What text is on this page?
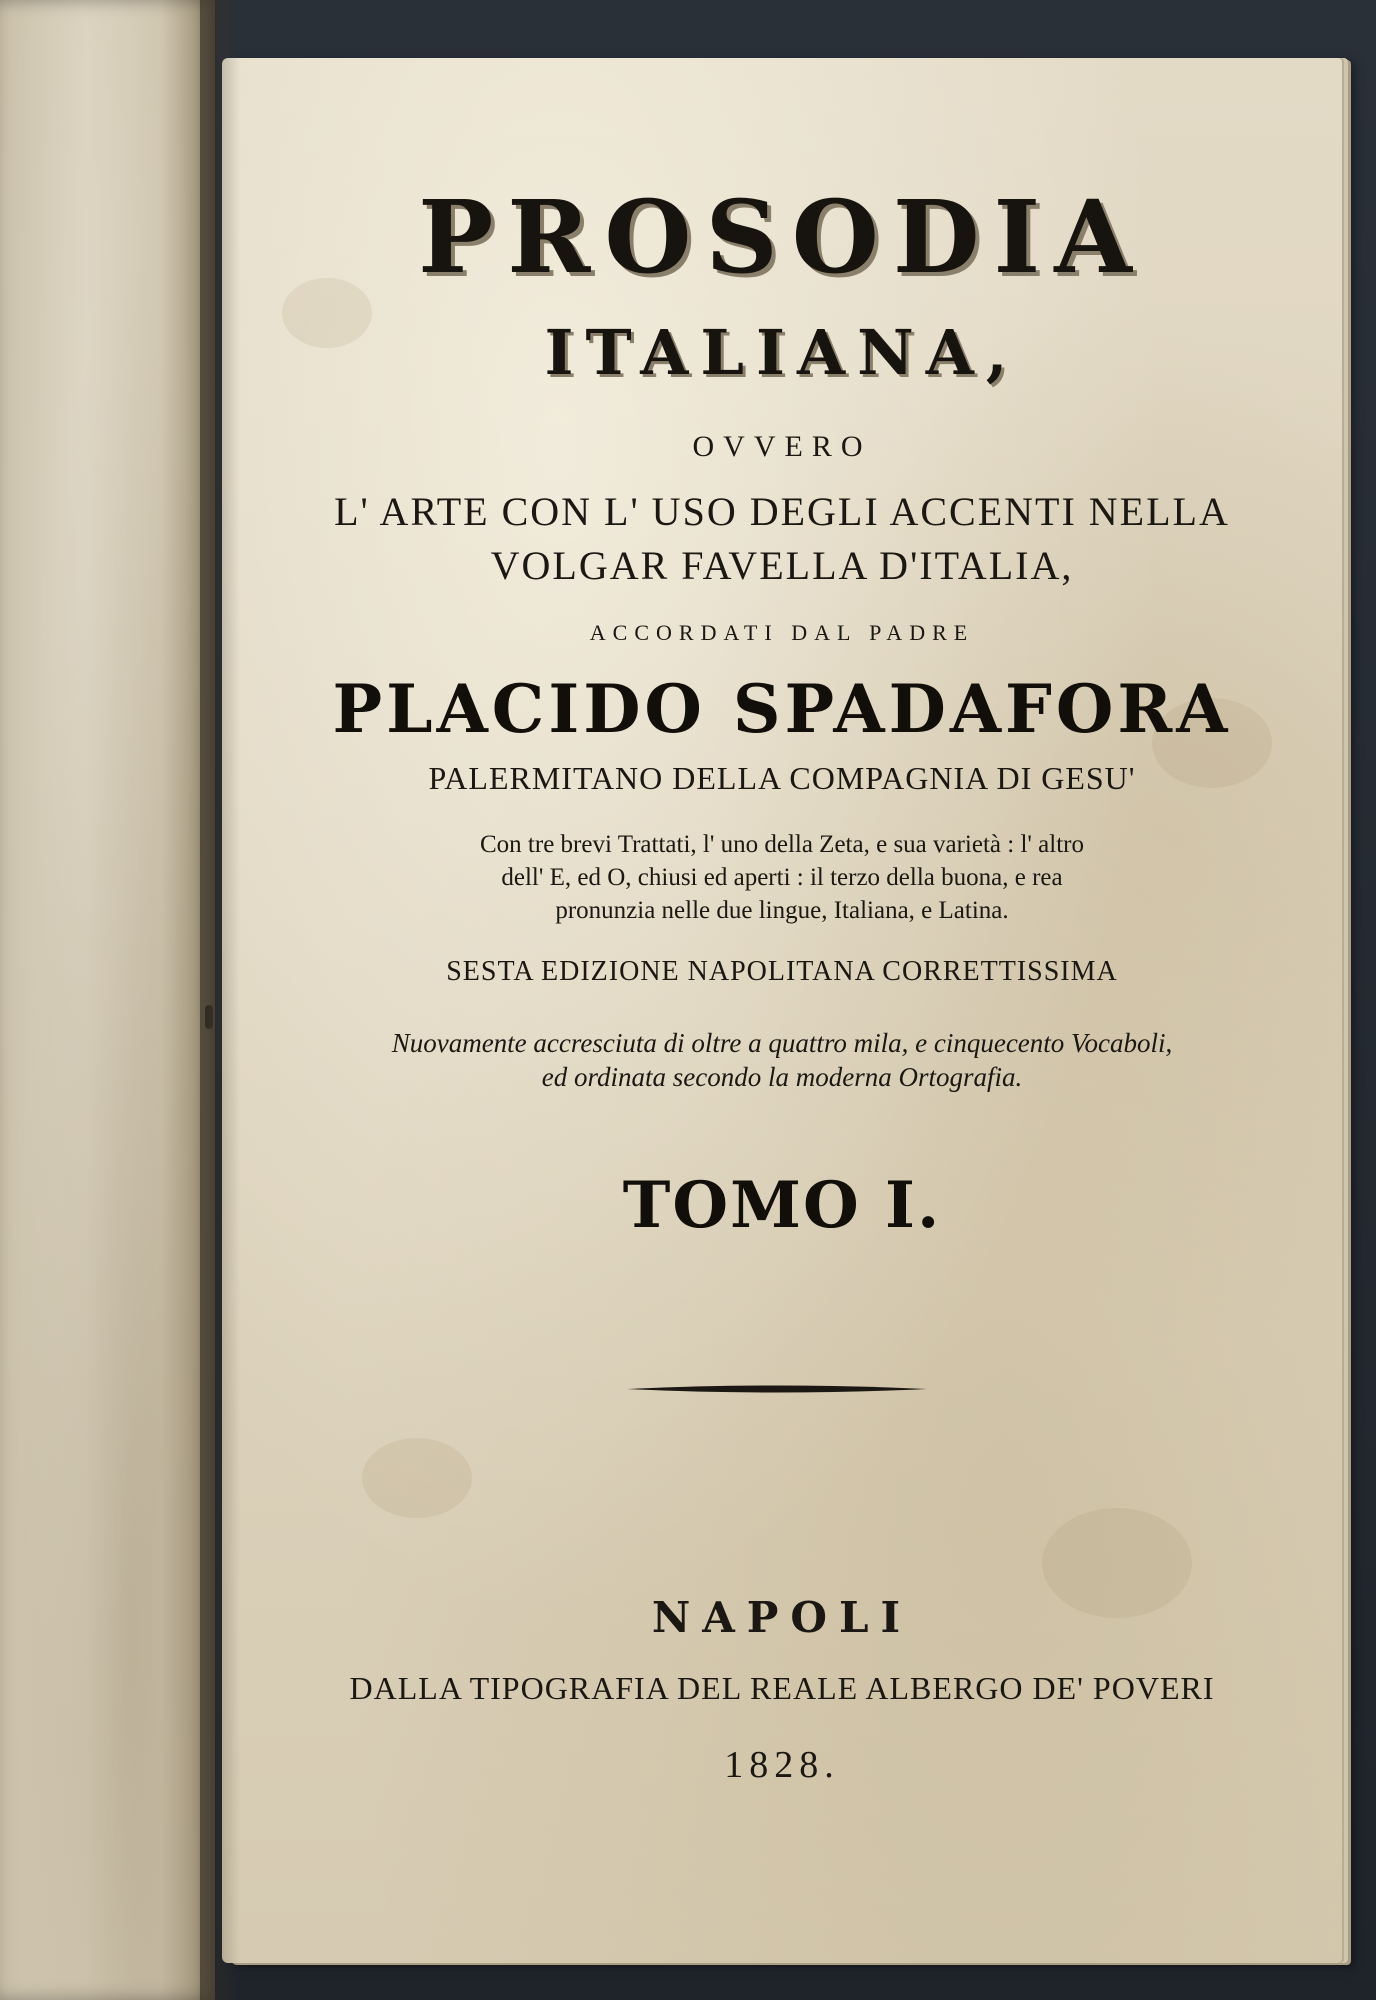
PROSODIA
ITALIANA,
OVVERO
L' ARTE CON L' USO DEGLI ACCENTI NELLA
VOLGAR FAVELLA D'ITALIA,
ACCORDATI DAL PADRE
PLACIDO SPADAFORA
PALERMITANO DELLA COMPAGNIA DI GESU'
Con tre brevi Trattati, l' uno della Zeta, e sua varietà : l' altro
dell' E, ed O, chiusi ed aperti : il terzo della buona, e rea
pronunzia nelle due lingue, Italiana, e Latina.
SESTA EDIZIONE NAPOLITANA CORRETTISSIMA
Nuovamente accresciuta di oltre a quattro mila, e cinquecento Vocaboli,
ed ordinata secondo la moderna Ortografia.
TOMO I.
NAPOLI
DALLA TIPOGRAFIA DEL REALE ALBERGO DE' POVERI
1828.
